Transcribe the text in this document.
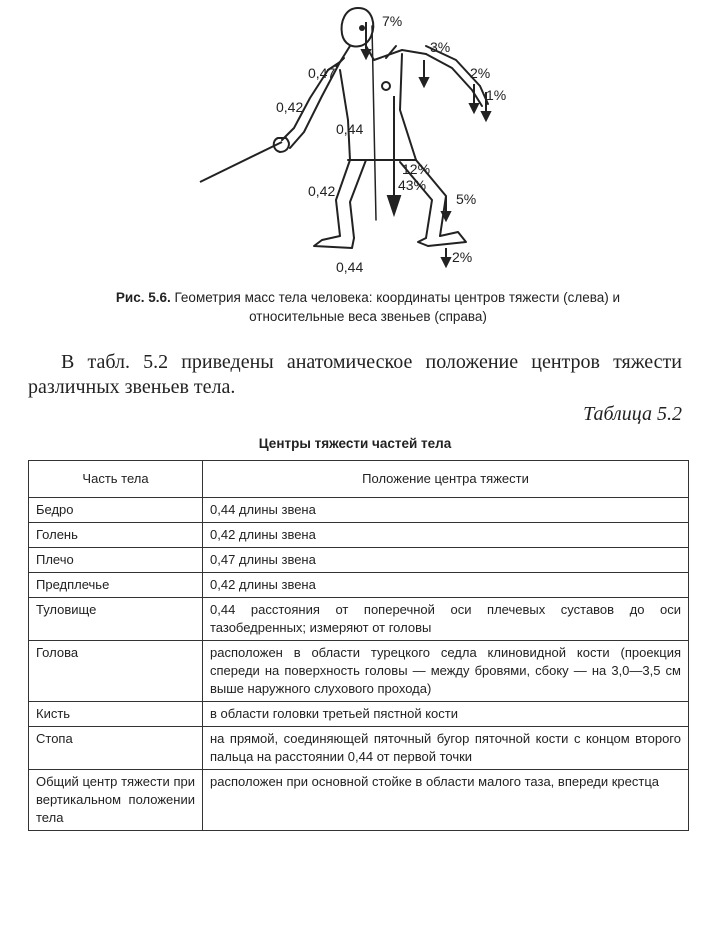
0,47
0,42
0,44
0,42
0,44
7%
3%
2%
1%
12%
43%
5%
2%
Рис. 5.6. Геометрия масс тела человека: координаты центров тяжести (слева) и относительные веса звеньев (справа)
В табл. 5.2 приведены анатомическое положение центров тяжести различных звеньев тела.
Таблица 5.2
Центры тяжести частей тела
Часть тела	Положение центра тяжести
Бедро	0,44 длины звена
Голень	0,42 длины звена
Плечо	0,47 длины звена
Предплечье	0,42 длины звена
Туловище	0,44 расстояния от поперечной оси плечевых суставов до оси тазобедренных; измеряют от головы
Голова	расположен в области турецкого седла клиновидной кости (проекция спереди на поверхность головы — между бровями, сбоку — на 3,0—3,5 см выше наружного слухового прохода)
Кисть	в области головки третьей пястной кости
Стопа	на прямой, соединяющей пяточный бугор пяточной кости с концом второго пальца на расстоянии 0,44 от первой точки
Общий центр тяжести при вертикальном положении тела	расположен при основной стойке в области малого таза, впереди крестца
